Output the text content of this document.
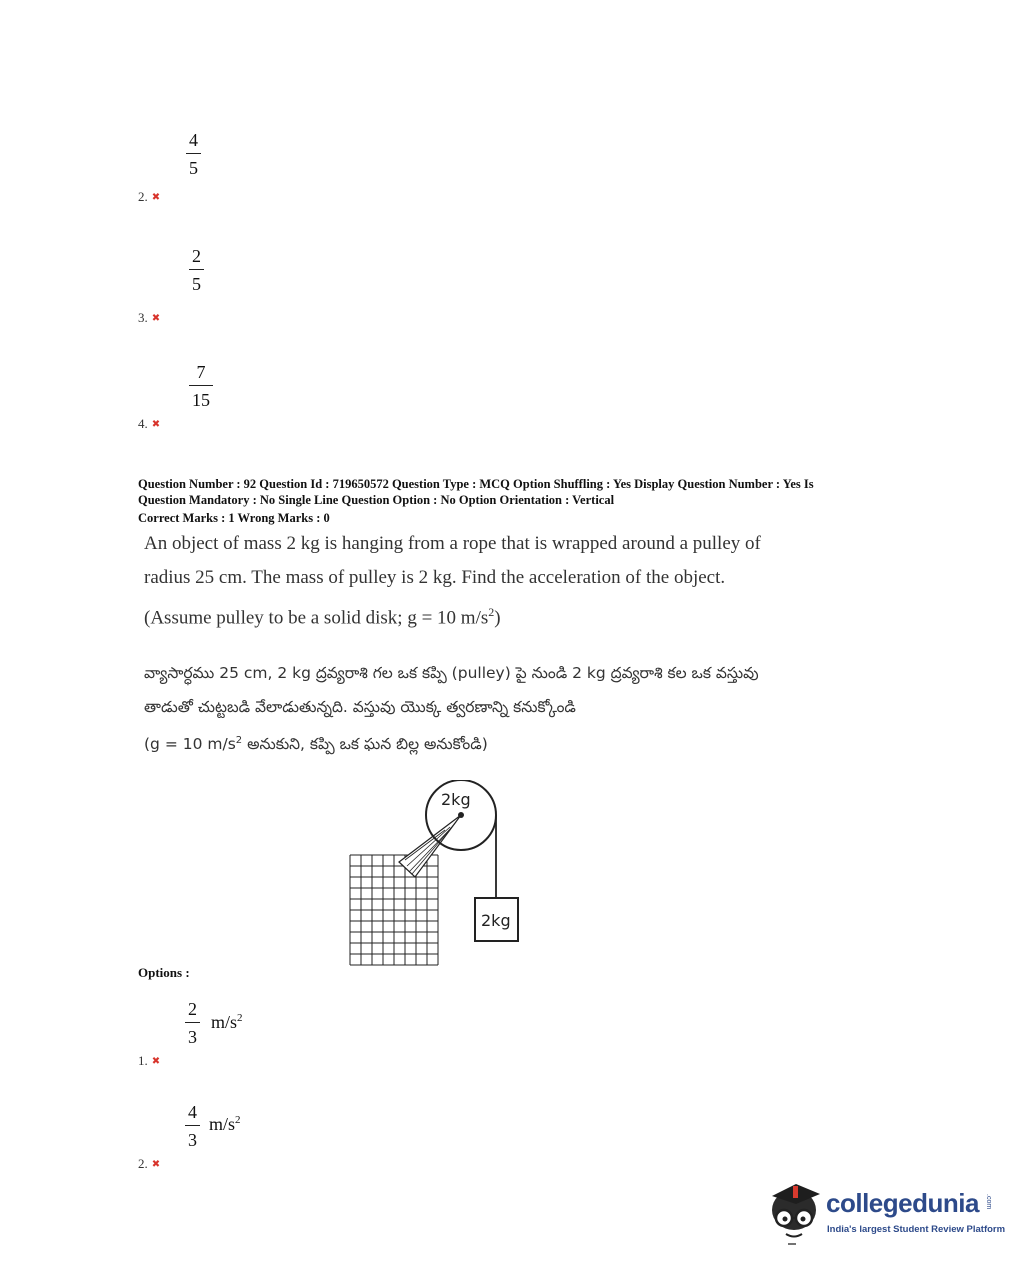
4
5
2. ✖
2
5
3. ✖
7
15
4. ✖
Question Number : 92 Question Id : 719650572 Question Type : MCQ Option Shuffling : Yes Display Question Number : Yes Is
Question Mandatory : No Single Line Question Option : No Option Orientation : Vertical
Correct Marks : 1 Wrong Marks : 0
An object of mass 2 kg is hanging from a rope that is wrapped around a pulley of
radius 25 cm. The mass of pulley is 2 kg. Find the acceleration of the object.
(Assume pulley to be a solid disk; g = 10 $m/s^2$)
వ్యాసార్ధము 25 cm, 2 kg ద్రవ్యరాశి గల ఒక కప్పి (pulley) పై నుండి 2 kg ద్రవ్యరాశి కల ఒక వస్తువు
తాడుతో చుట్టబడి వేలాడుతున్నది. వస్తువు యొక్క త్వరణాన్ని కనుక్కోండి
(g = 10 $m/s^2$ అనుకుని, కప్పి ఒక ఘన బిల్ల అనుకోండి)
2kg
2kg
Options :
2
3
$m/s^2$
1. ✖
4
3
$m/s^2$
2. ✖
collegedunia .com
India's largest Student Review Platform
